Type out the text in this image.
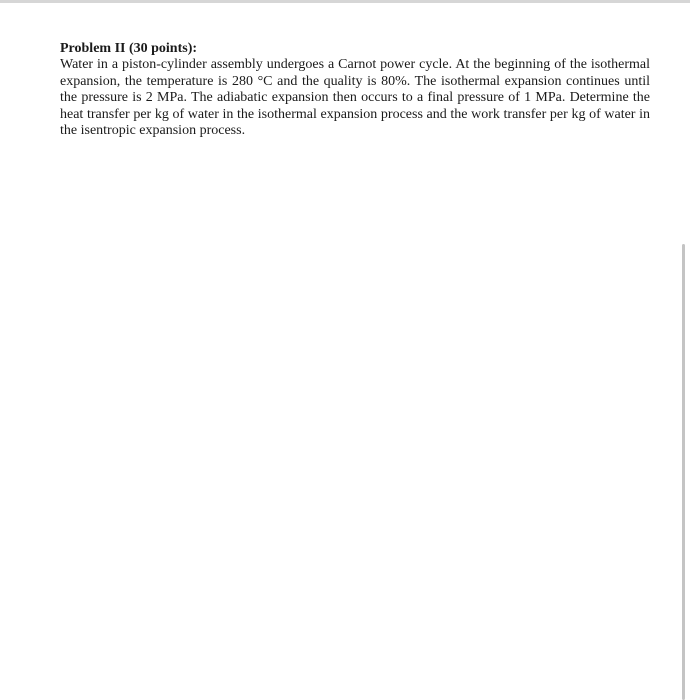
Problem II (30 points):

Water in a piston-cylinder assembly undergoes a Carnot power cycle. At the beginning of the isothermal expansion, the temperature is 280 °C and the quality is 80%. The isothermal expansion continues until the pressure is 2 MPa. The adiabatic expansion then occurs to a final pressure of 1 MPa. Determine the heat transfer per kg of water in the isothermal expansion process and the work transfer per kg of water in the isentropic expansion process.
